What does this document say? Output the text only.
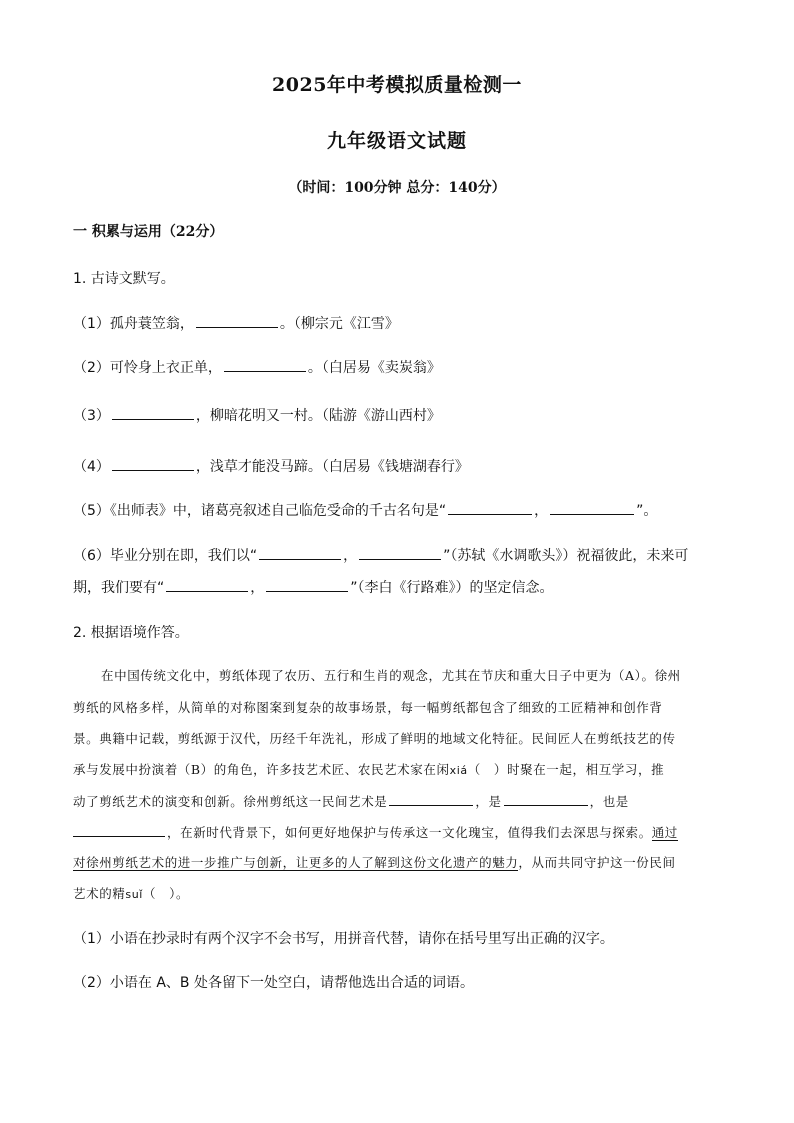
2025年中考模拟质量检测一
九年级语文试题
（时间：100分钟 总分：140分）
一 积累与运用（22分）
1. 古诗文默写。
（1）孤舟蓑笠翁，	。（柳宗元《江雪》
（2）可怜身上衣正单，	。（白居易《卖炭翁》
（3）	，柳暗花明又一村。（陆游《游山西村》
（4）	，浅草才能没马蹄。（白居易《钱塘湖春行》
（5）《出师表》中，诸葛亮叙述自己临危受命的千古名句是“	，	”。
（6）毕业分别在即，我们以“	，	”（苏轼《水调歌头》）祝福彼此，未来可
期，我们要有“	，	”（李白《行路难》）的坚定信念。
2. 根据语境作答。
在中国传统文化中，剪纸体现了农历、五行和生肖的观念，尤其在节庆和重大日子中更为（A）。徐州
剪纸的风格多样，从简单的对称图案到复杂的故事场景，每一幅剪纸都包含了细致的工匠精神和创作背
景。典籍中记载，剪纸源于汉代，历经千年洗礼，形成了鲜明的地域文化特征。民间匠人在剪纸技艺的传
承与发展中扮演着（B）的角色，许多技艺术匠、农民艺术家在闲xiá（　）时聚在一起，相互学习，推
动了剪纸艺术的演变和创新。徐州剪纸这一民间艺术是	，是	，也是
，在新时代背景下，如何更好地保护与传承这一文化瑰宝，值得我们去深思与探索。通过
对徐州剪纸艺术的进一步推广与创新，让更多的人了解到这份文化遗产的魅力，从而共同守护这一份民间
艺术的精suǐ（　）。
（1）小语在抄录时有两个汉字不会书写，用拼音代替，请你在括号里写出正确的汉字。
（2）小语在 A、B 处各留下一处空白，请帮他选出合适的词语。
